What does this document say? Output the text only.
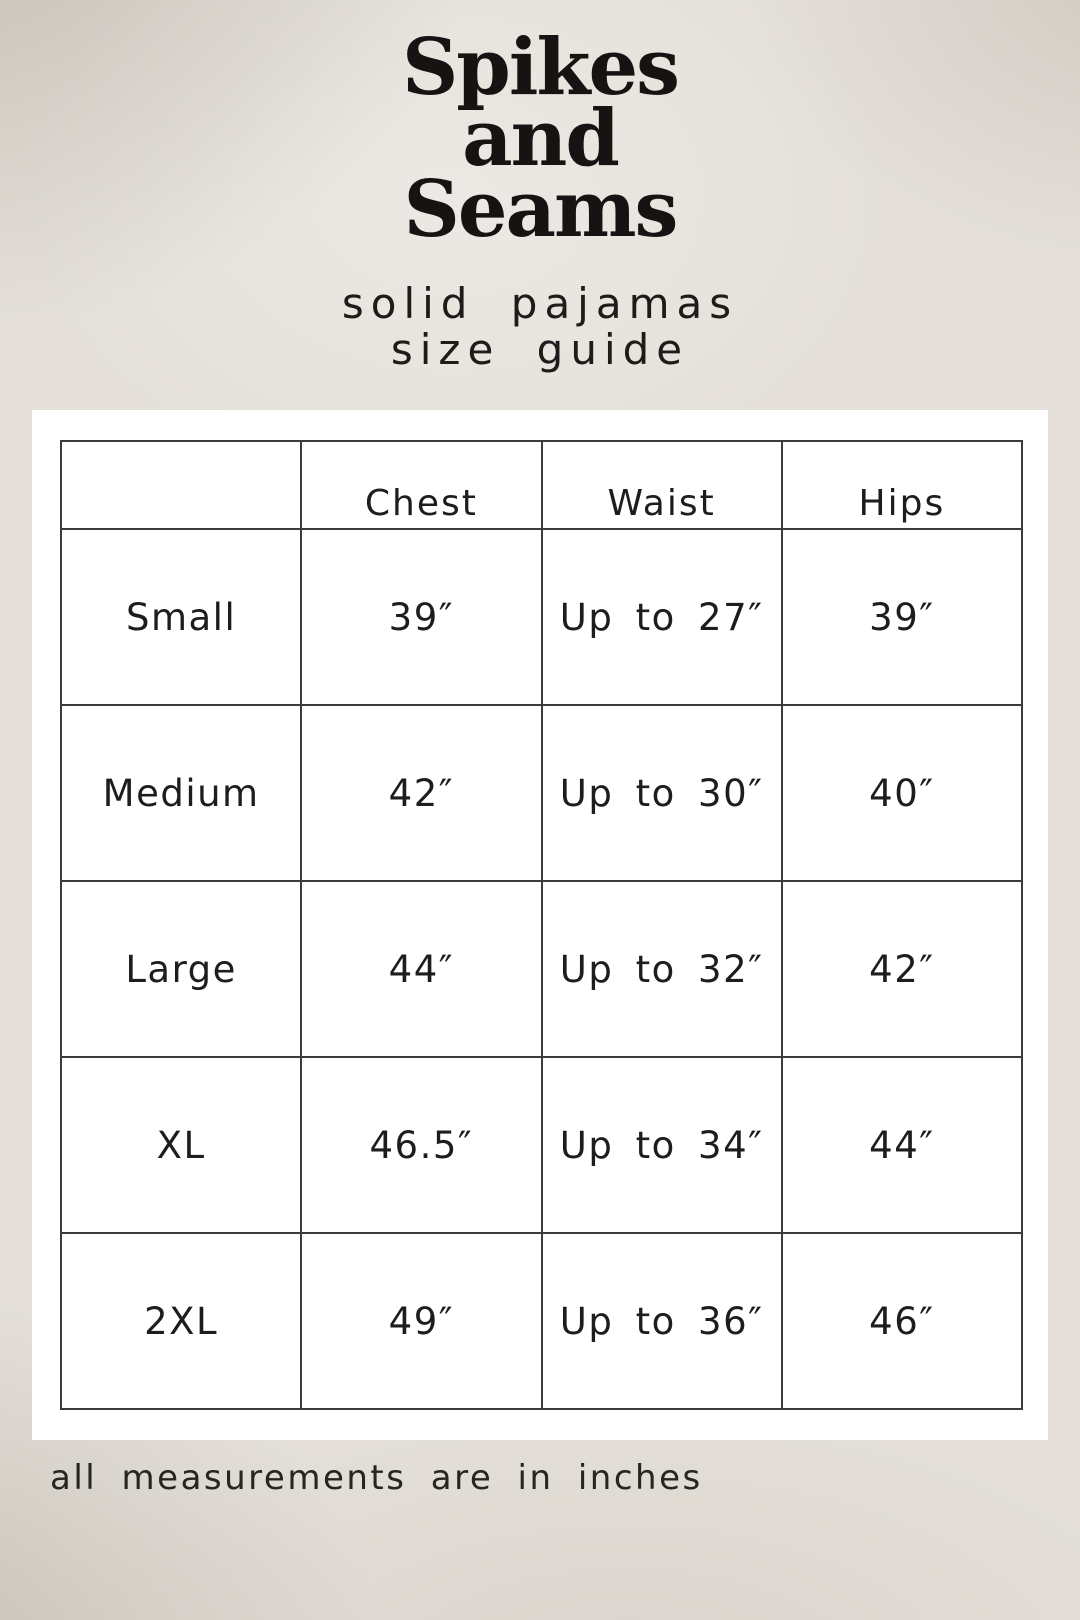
Spikes
and
Seams
solid pajamas
size guide
	Chest	Waist	Hips
Small	39″	Up to 27″	39″
Medium	42″	Up to 30″	40″
Large	44″	Up to 32″	42″
XL	46.5″	Up to 34″	44″
2XL	49″	Up to 36″	46″
all measurements are in inches
